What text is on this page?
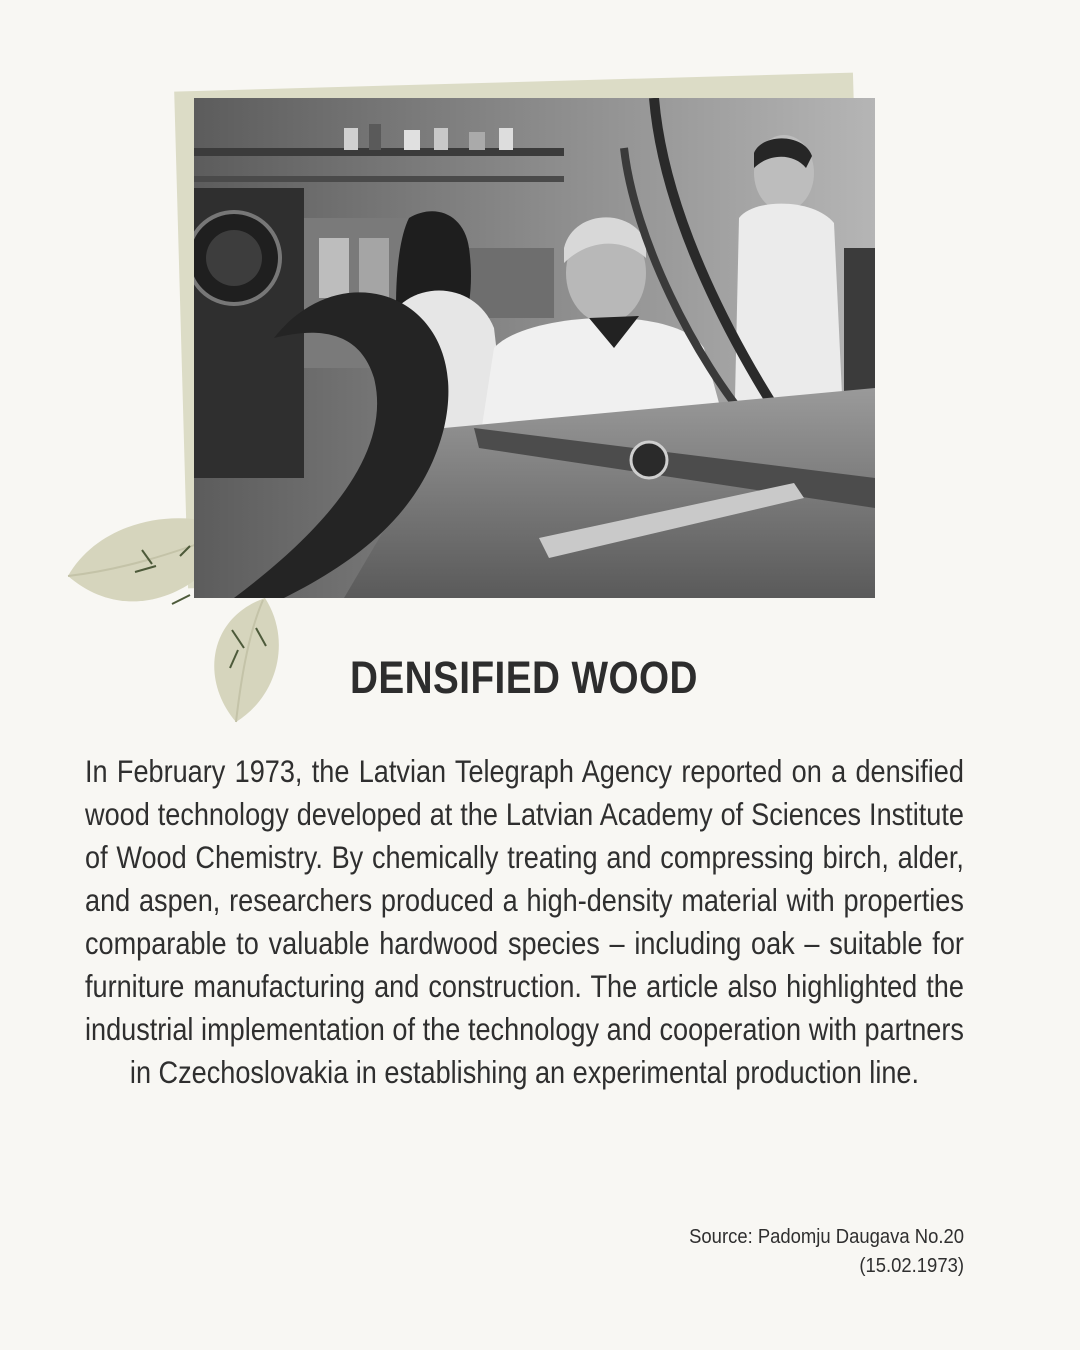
DENSIFIED WOOD

In February 1973, the Latvian Telegraph Agency reported on a densified wood technology developed at the Latvian Academy of Sciences Institute of Wood Chemistry. By chemically treating and compressing birch, alder, and aspen, researchers produced a high-density material with properties comparable to valuable hardwood species – including oak – suitable for furniture manufacturing and construction. The article also highlighted the industrial implementation of the technology and cooperation with partners in Czechoslovakia in establishing an experimental production line.

Source: Padomju Daugava No.20
(15.02.1973)
